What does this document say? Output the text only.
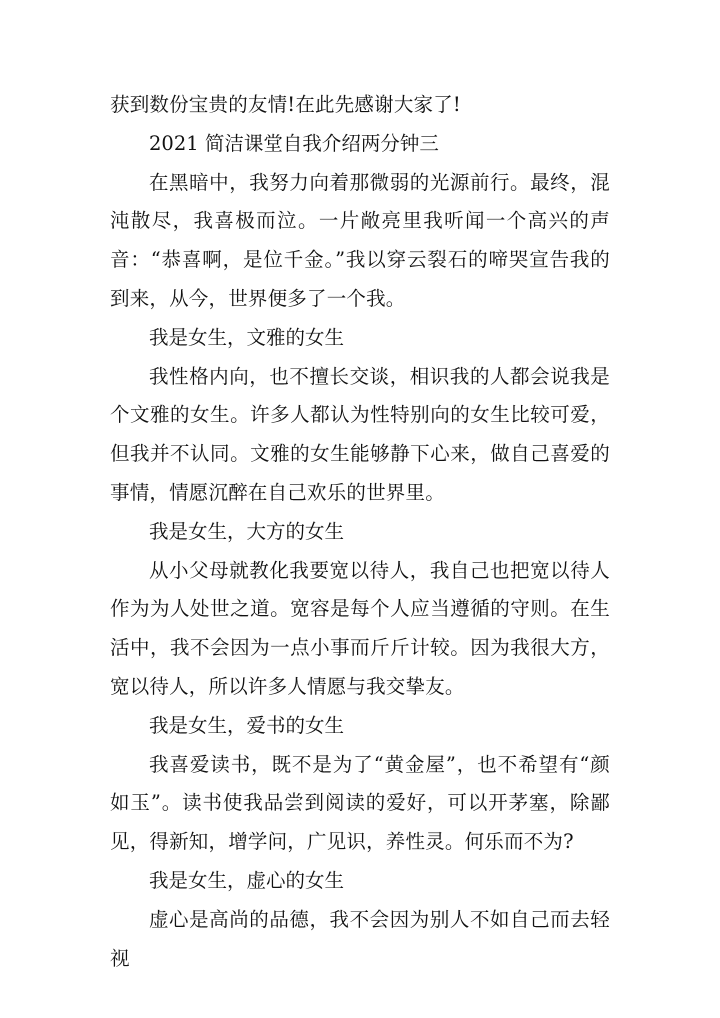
获到数份宝贵的友情!在此先感谢大家了!

2021 简洁课堂自我介绍两分钟三

在黑暗中，我努力向着那微弱的光源前行。最终，混沌散尽，我喜极而泣。一片敞亮里我听闻一个高兴的声音：“恭喜啊，是位千金。”我以穿云裂石的啼哭宣告我的到来，从今，世界便多了一个我。

我是女生，文雅的女生

我性格内向，也不擅长交谈，相识我的人都会说我是个文雅的女生。许多人都认为性特别向的女生比较可爱，但我并不认同。文雅的女生能够静下心来，做自己喜爱的事情，情愿沉醉在自己欢乐的世界里。

我是女生，大方的女生

从小父母就教化我要宽以待人，我自己也把宽以待人作为为人处世之道。宽容是每个人应当遵循的守则。在生活中，我不会因为一点小事而斤斤计较。因为我很大方，宽以待人，所以许多人情愿与我交挚友。

我是女生，爱书的女生

我喜爱读书，既不是为了“黄金屋”，也不希望有“颜如玉”。读书使我品尝到阅读的爱好，可以开茅塞，除鄙见，得新知，增学问，广见识，养性灵。何乐而不为?

我是女生，虚心的女生

虚心是高尚的品德，我不会因为别人不如自己而去轻视
